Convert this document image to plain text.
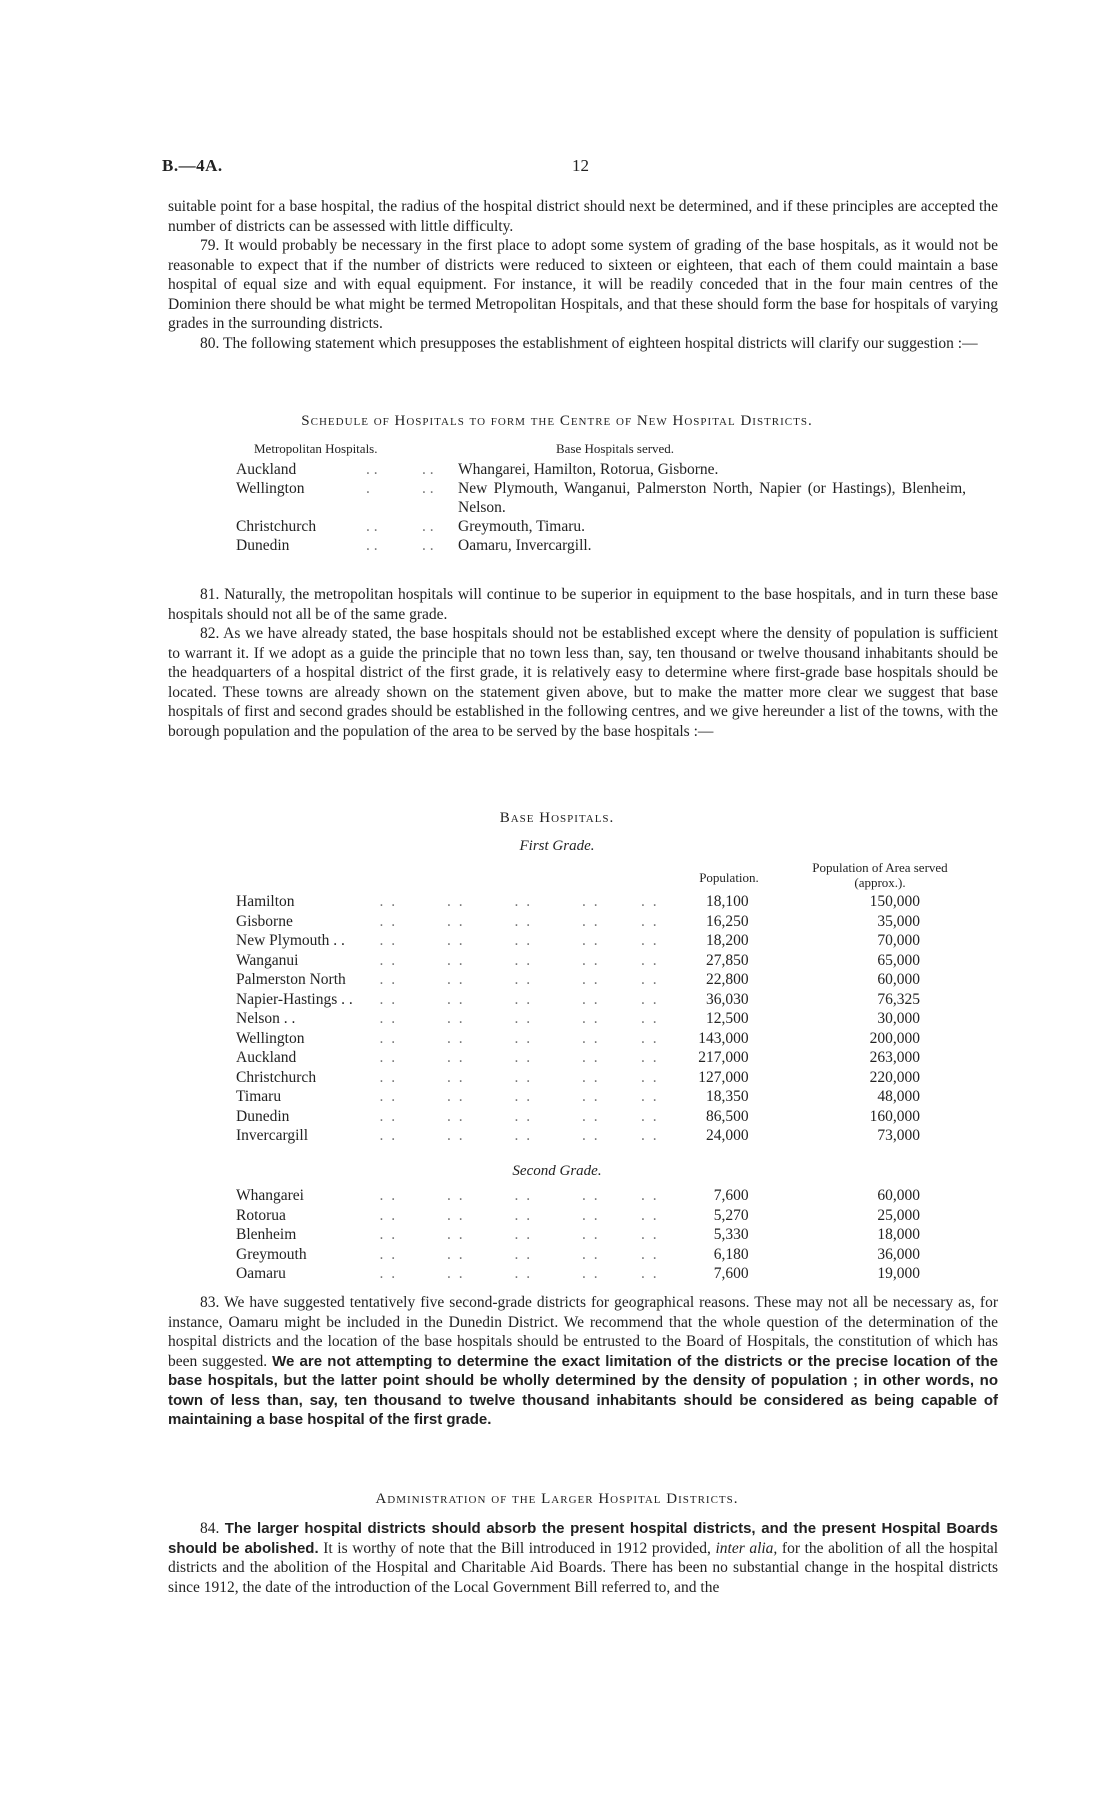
B.—4A.	12

suitable point for a base hospital, the radius of the hospital district should next be determined, and if these principles are accepted the number of districts can be assessed with little difficulty.

79. It would probably be necessary in the first place to adopt some system of grading of the base hospitals, as it would not be reasonable to expect that if the number of districts were reduced to sixteen or eighteen, that each of them could maintain a base hospital of equal size and with equal equipment. For instance, it will be readily conceded that in the four main centres of the Dominion there should be what might be termed Metropolitan Hospitals, and that these should form the base for hospitals of varying grades in the surrounding districts.

80. The following statement which presupposes the establishment of eighteen hospital districts will clarify our suggestion :—

Schedule of Hospitals to form the Centre of New Hospital Districts.
Metropolitan Hospitals.	Base Hospitals served.
Auckland	. .	. .	Whangarei, Hamilton, Rotorua, Gisborne.
Wellington	.	. .	New Plymouth, Wanganui, Palmerston North, Napier (or Hastings), Blenheim, Nelson.
Christchurch	. .	. .	Greymouth, Timaru.
Dunedin	. .	. .	Oamaru, Invercargill.

81. Naturally, the metropolitan hospitals will continue to be superior in equipment to the base hospitals, and in turn these base hospitals should not all be of the same grade.

82. As we have already stated, the base hospitals should not be established except where the density of population is sufficient to warrant it. If we adopt as a guide the principle that no town less than, say, ten thousand or twelve thousand inhabitants should be the headquarters of a hospital district of the first grade, it is relatively easy to determine where first-grade base hospitals should be located. These towns are already shown on the statement given above, but to make the matter more clear we suggest that base hospitals of first and second grades should be established in the following centres, and we give hereunder a list of the towns, with the borough population and the population of the area to be served by the base hospitals :—

Base Hospitals.
First Grade.
Population.
Population of Area served (approx.).
Hamilton	. .	. .	. .	. .	. .	18,100	150,000
Gisborne	. .	. .	. .	. .	. .	16,250	35,000
New Plymouth . .	. .	. .	. .	. .	. .	18,200	70,000
Wanganui	. .	. .	. .	. .	. .	27,850	65,000
Palmerston North	. .	. .	. .	. .	. .	22,800	60,000
Napier-Hastings . .	. .	. .	. .	. .	. .	36,030	76,325
Nelson . .	. .	. .	. .	. .	. .	12,500	30,000
Wellington	. .	. .	. .	. .	. .	143,000	200,000
Auckland	. .	. .	. .	. .	. .	217,000	263,000
Christchurch	. .	. .	. .	. .	. .	127,000	220,000
Timaru	. .	. .	. .	. .	. .	18,350	48,000
Dunedin	. .	. .	. .	. .	. .	86,500	160,000
Invercargill	. .	. .	. .	. .	. .	24,000	73,000
Second Grade.
Whangarei	. .	. .	. .	. .	. .	7,600	60,000
Rotorua	. .	. .	. .	. .	. .	5,270	25,000
Blenheim	. .	. .	. .	. .	. .	5,330	18,000
Greymouth	. .	. .	. .	. .	. .	6,180	36,000
Oamaru	. .	. .	. .	. .	. .	7,600	19,000

83. We have suggested tentatively five second-grade districts for geographical reasons. These may not all be necessary as, for instance, Oamaru might be included in the Dunedin District. We recommend that the whole question of the determination of the hospital districts and the location of the base hospitals should be entrusted to the Board of Hospitals, the constitution of which has been suggested. We are not attempting to determine the exact limitation of the districts or the precise location of the base hospitals, but the latter point should be wholly determined by the density of population ; in other words, no town of less than, say, ten thousand to twelve thousand inhabitants should be considered as being capable of maintaining a base hospital of the first grade.

Administration of the Larger Hospital Districts.

84. The larger hospital districts should absorb the present hospital districts, and the present Hospital Boards should be abolished. It is worthy of note that the Bill introduced in 1912 provided, inter alia, for the abolition of all the hospital districts and the abolition of the Hospital and Charitable Aid Boards. There has been no substantial change in the hospital districts since 1912, the date of the introduction of the Local Government Bill referred to, and the
